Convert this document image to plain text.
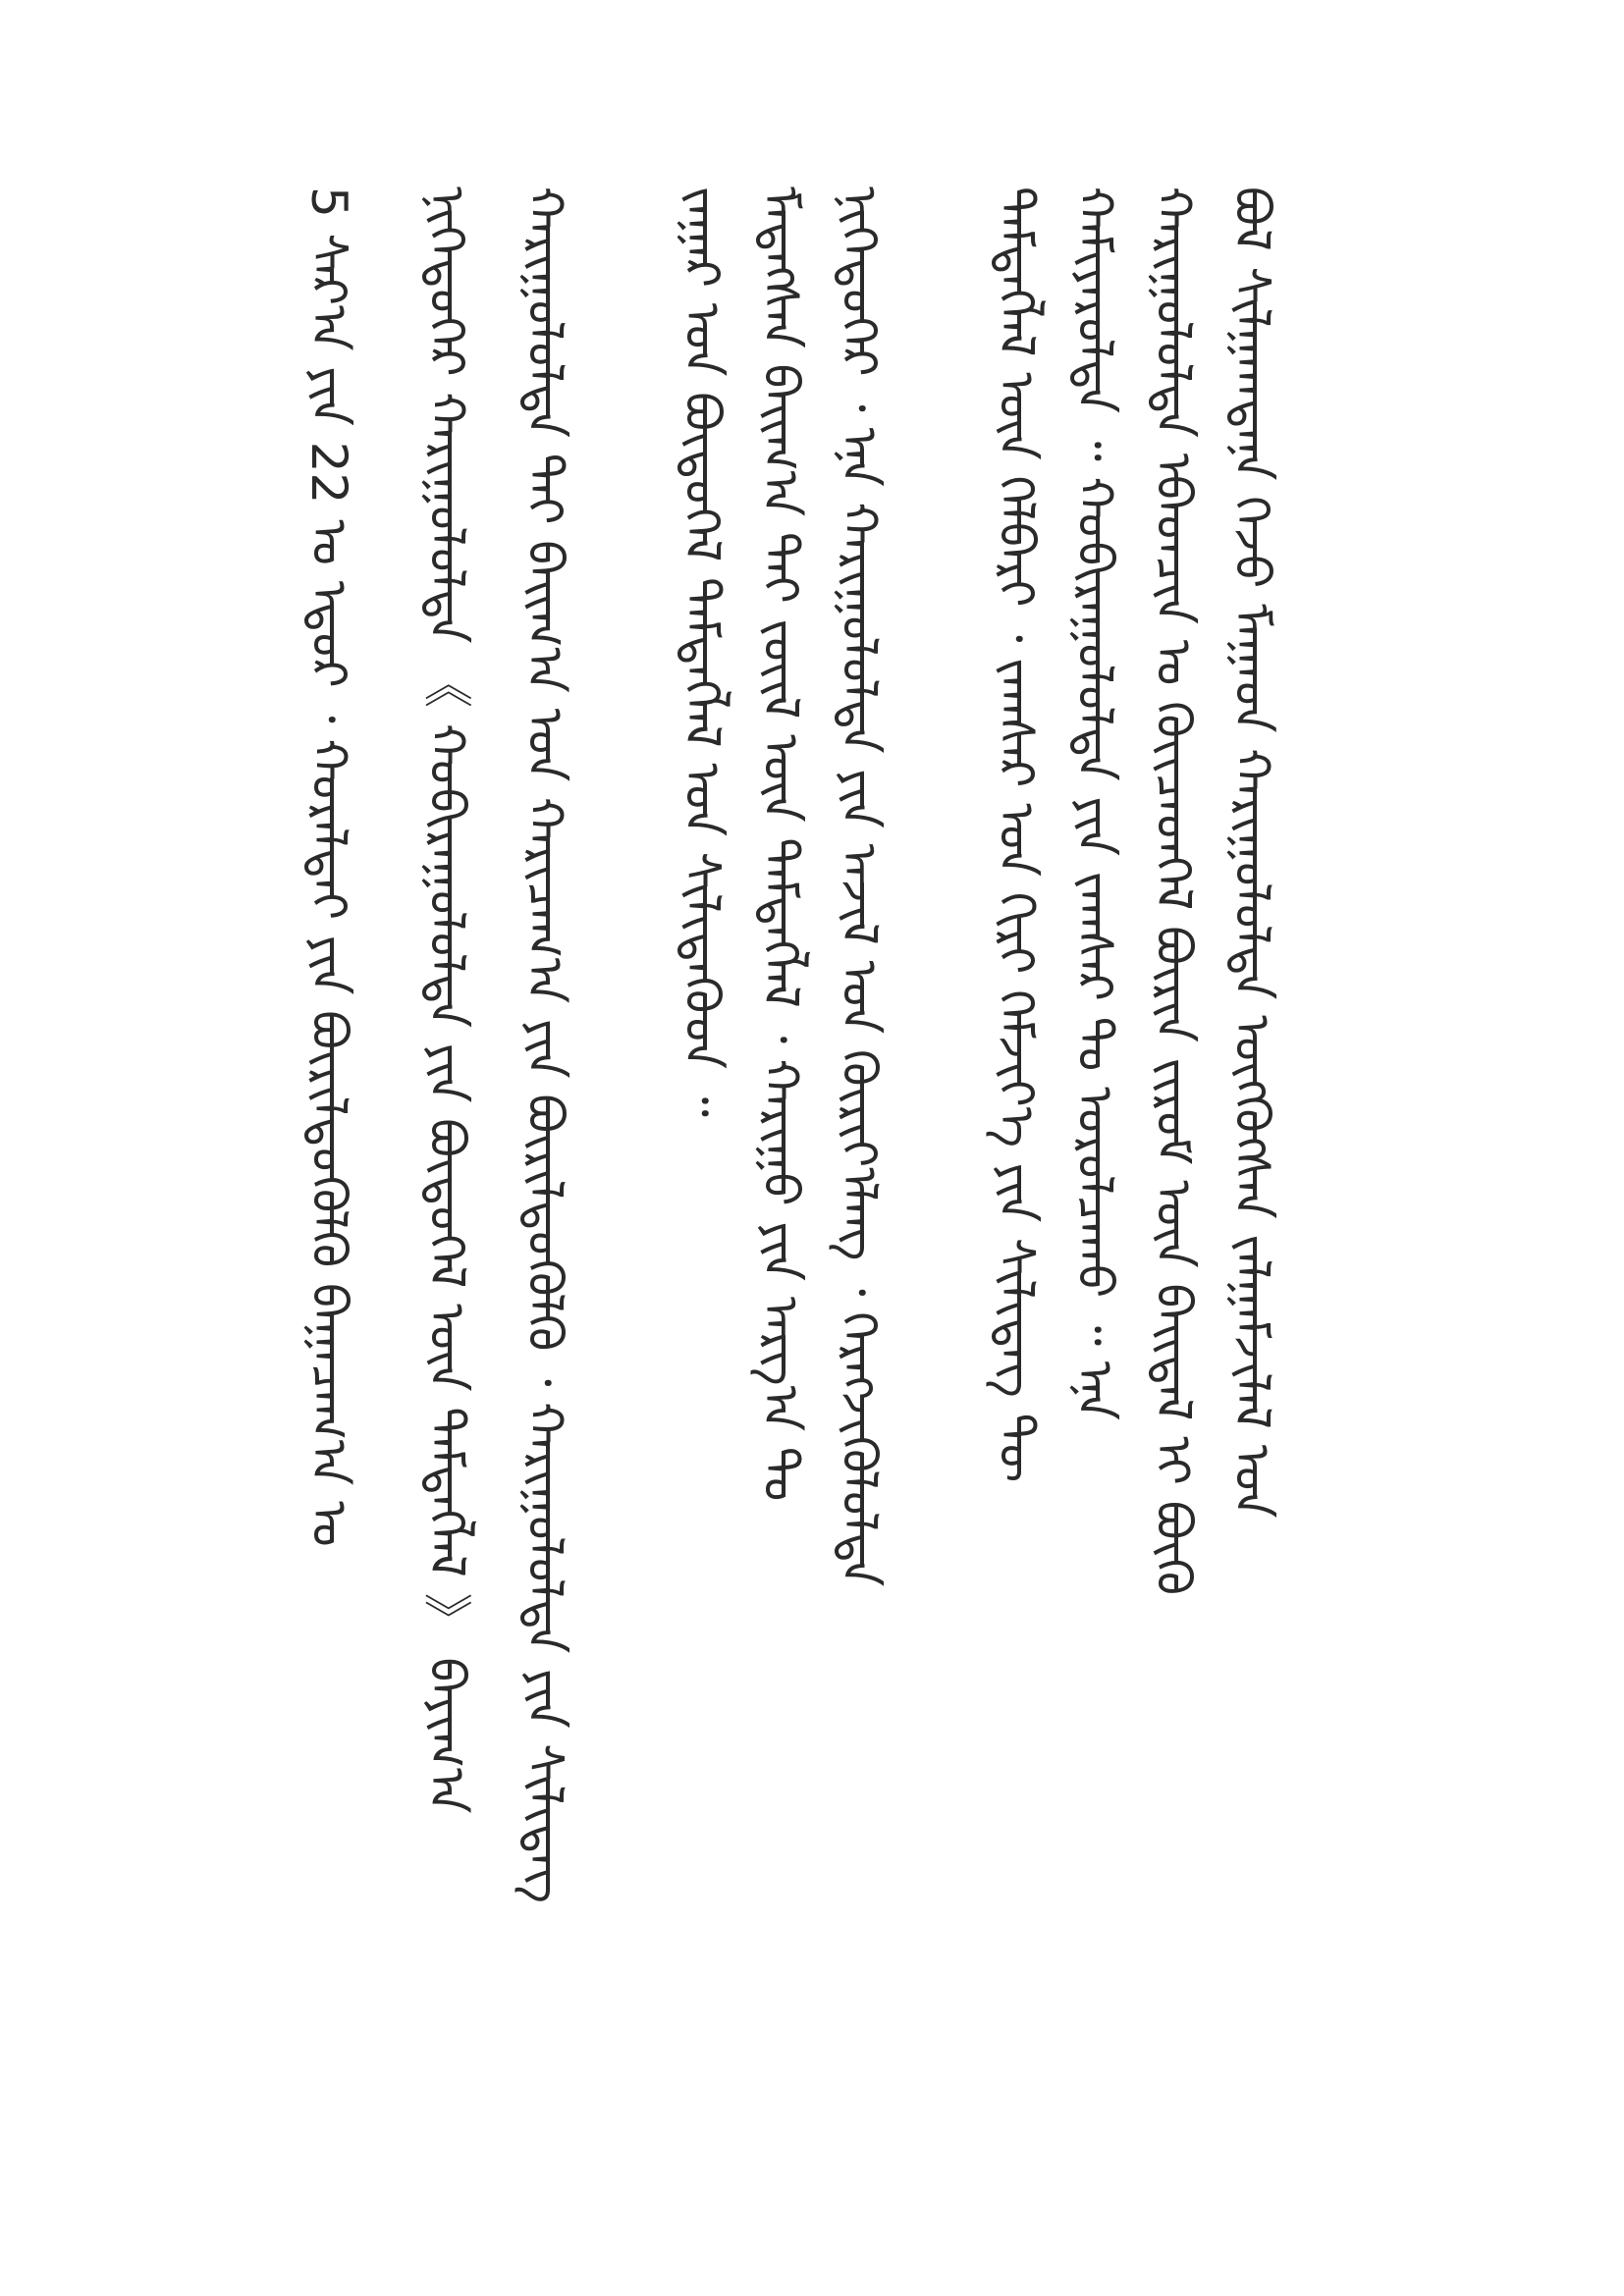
ᠪᠣᠯ ᠰᠢᠯᠭᠠᠭᠳᠠᠨᠠ ᠭᠡᠵᠦ ᠮᠠᠭᠠᠳ ᠬᠠᠷᠢᠭᠤᠯᠤᠯᠲᠠ ᠥᠭᠭᠦᠭᠰᠡᠨ ᠵᠠᠯᠭᠠᠮᠵᠢᠯᠠᠯ ᠤᠨ

ᠬᠠᠷᠢᠭᠤᠯᠤᠯᠲᠠ ᠡᠪᠡᠳᠴᠢᠨ ᠤ ᠭᠦᠢᠴᠡᠳᠬᠡᠯ ᠪᠦᠷᠢᠨ ᠵᠢᠷᠤᠮ ᠦᠨ ᠪᠠᠢᠳᠠᠯ ᠢ ᠪᠦᠬᠦ

ᠬᠠᠮᠢᠶᠠᠷᠤᠯᠳᠠ ᠃ ᠬᠤᠪᠢᠷᠠᠭᠤᠯᠤᠯᠲᠠ ᠶᠢᠨ ᠵᠠᠭᠰᠠᠷ ᠲᠤ ᠣᠷᠤᠯᠴᠠᠬᠤ ᠃ ᠡᠨᠡ

ᠲᠡᠮᠳᠡᠭᠯᠡᠯ ᠦᠨ ᠬᠡᠯᠪᠡᠷᠢ ᠂ ᠵᠠᠭᠰᠠᠷ ᠤᠨ ᠬᠢᠷᠢ ᠬᠡᠮᠵᠢᠶ᠎ᠡ ᠶᠢᠨ ᠰᠢᠯᠢᠳᠡᠭ ᠲᠦ

ᠨᠢᠭᠡᠳᠦᠭᠡᠷ ᠂ ᠡᠨᠡ ᠬᠠᠷᠢᠭᠤᠯᠤᠯᠲᠠ ᠶᠢᠨ ᠠᠵᠢᠯ ᠤᠨ ᠬᠦᠷᠢᠶ᠎ᠡᠯᠡᠩ ᠂ ᠬᠡᠷᠡᠭᠵᠢᠭᠦᠯᠦᠯᠲᠡ

ᠮᠡᠳᠡᠭᠰᠡᠨ ᠪᠠᠢᠭ᠎ᠠ ᠲᠠᠢ ᠵᠦᠢᠯ ᠦᠨ ᠲᠡᠮᠳᠡᠭᠯᠡᠯ ᠂ ᠬᠠᠷᠢᠭᠤ ᠶᠢᠨ ᠠᠷᠭ᠎ᠠ ᠲᠤ

ᠵᠠᠭᠠᠷ ᠤᠨ ᠪᠦᠲᠦᠭᠡᠯ ᠲᠡᠮᠳᠡᠭᠯᠡᠯ ᠤᠨ ᠰᠢᠯᠢᠳᠡᠭᠦᠳ ᠃

ᠬᠠᠷᠢᠭᠤᠯᠤᠯᠲᠠ ᠲᠠᠢ ᠪᠠᠢᠭ᠎ᠠ ᠤᠨ ᠬᠠᠷᠢᠴᠠᠭ᠎ᠠ ᠶᠢᠨ ᠪᠦᠷᠢᠯᠳᠦᠭᠦᠯᠬᠦ ᠂ ᠬᠠᠷᠢᠭᠤᠯᠤᠯᠲᠠ ᠶᠢᠨ ᠰᠢᠯᠢᠳᠡᠭ

ᠨᠢᠭᠡᠳᠦᠭᠡᠷ ᠬᠠᠷᠢᠭᠤᠯᠤᠯᠲᠠ 《 ᠬᠤᠪᠢᠷᠠᠭᠤᠯᠤᠯᠲᠠ ᠶᠢᠨ ᠪᠦᠲᠦᠭᠡᠯ ᠦᠨ ᠲᠡᠮᠳᠡᠭᠯᠡᠯ 》 ᠪᠠᠶᠢᠭ᠎ᠠ

5 ᠰᠠᠷ᠎ᠠ ᠶᠢᠨ 22 ᠤ ᠡᠳᠦᠷ ᠂ ᠬᠤᠷᠠᠯᠳᠠᠢ ᠶᠢᠨ ᠪᠦᠷᠢᠯᠳᠦᠭᠦᠯᠬᠦ ᠪᠠᠭᠠᠴᠠᠭ᠎ᠠ ᠤ
